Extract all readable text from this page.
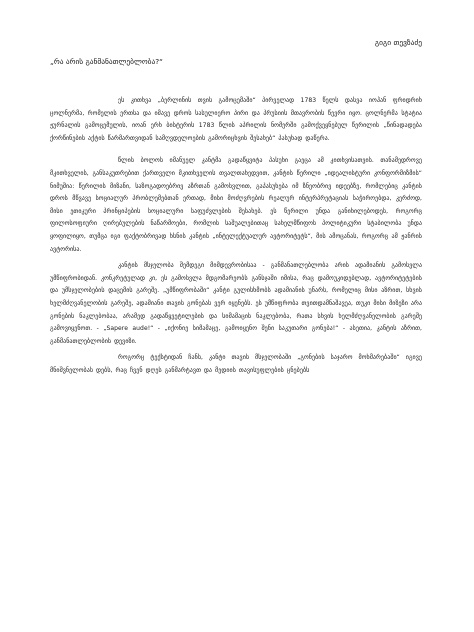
გიგი თევზაძე
„რა არის განმანათლებლობა?“

ეს კითხვა „ბერლინის თვის გამოცემაში“ პირველად 1783 წელს დასვა იოჰან ფრიდრიხ ცოლნერმა, რომელის ერთსა და იმავე დროს სასულიერო პირი და პრუსიის მთავრობის წევრი იყო. ცოლნერმა სტატია ჟურნალის გამოცემულის, იოან ერხ ბისტერის 1783 წლის აპრილის ნომერში გამოქვეყნებულ წერილის „წინადადება ქორწინების აქტის წარმართვიდან სამღვდელოების გამორიცხვის შესახებ“ პასუხად დაწერა.

წლის ბოლოს იმანუელ კანტმა გადაწყვიტა პასუხი გაეცა ამ კითხვისათვის. თანამედროვე მკითხველის, განსაკუთრებით ქართველი მკითხველის თვალთახედვით, კანტის წერილი „იდეალისტური კონფორმიზმის“ ნიმუშია: წერილის მიზანი, საზოგადოებრივ აზრთან გამოსვლით, გაპასუხება იმ ზნეობრივ იდეებზე, რომლებიც კანტის დროს მწვავე სოციალურ პრობლემებთან ერთად, მისი მოძღვრების რეალურ ინტერპრეტაციას საჭიროებდა, კერძოდ, მისი ეთიკური პრინციპების სოციალური საფუძვლების შესახებ. ეს წერილი უნდა განიხილებოდეს, როგორც ფილოსოფიური ღირებულების ნაწარმოები, რომლის საშუალებითაც სახელმწიფოს პოლიტიკური სტაბილობა უნდა ყოფილიყო, თუმცა იგი ფაქტობრივად ხსნის კანტის „ინტელექტუალურ ავტორიტეტს“, მის ამოცანას, როგორც ამ ჟანრის ავტორისა.

კანტის მსჯელობა შემდეგი მიმდევრობისაა - განმანათლებლობა არის ადამიანის გამოსვლა უმწიფრობიდან. კონკრეტულად კი, ეს გამოსვლა მდგომარეობს განსჯაში იმისა, რაც დამოუკიდებლად, ავტორიტეტების და უმსჯელობების დაცემის გარეშე. „უმწიფრობაში“ კანტი გულისხმობს ადამიანის უნარს, რომელიც მისი აზრით, სხვის ხელმძღვანელობის გარეშე, ადამიანი თავის გონებას ვერ იყენებს. ეს უმწიფრობა თვითდამნაშავეა, თუკი მისი მიზეზი არა გონების ნაკლებობაა, არამედ გადაწყვეტილების და სიმამაცის ნაკლებობა, რათა სხვის ხელმძღვანელობის გარეშე გამოვიყენოთ. - „Sapere aude!“ - „იქონიე სიმამაცე, გამოიყენო შენი საკუთარი გონება!“ - ასეთია, კანტის აზრით, განმანათლებლობის დევიზი.

როგორც ტექსტიდან ჩანს, კანტი თავის მსჯელობაში „გონების საჯარო მოხმარებაში“ იგივე მნიშვნელობას დებს, რაც ჩვენ დღეს განმარტავთ და მედიის თავისუფლების ცნებებს
